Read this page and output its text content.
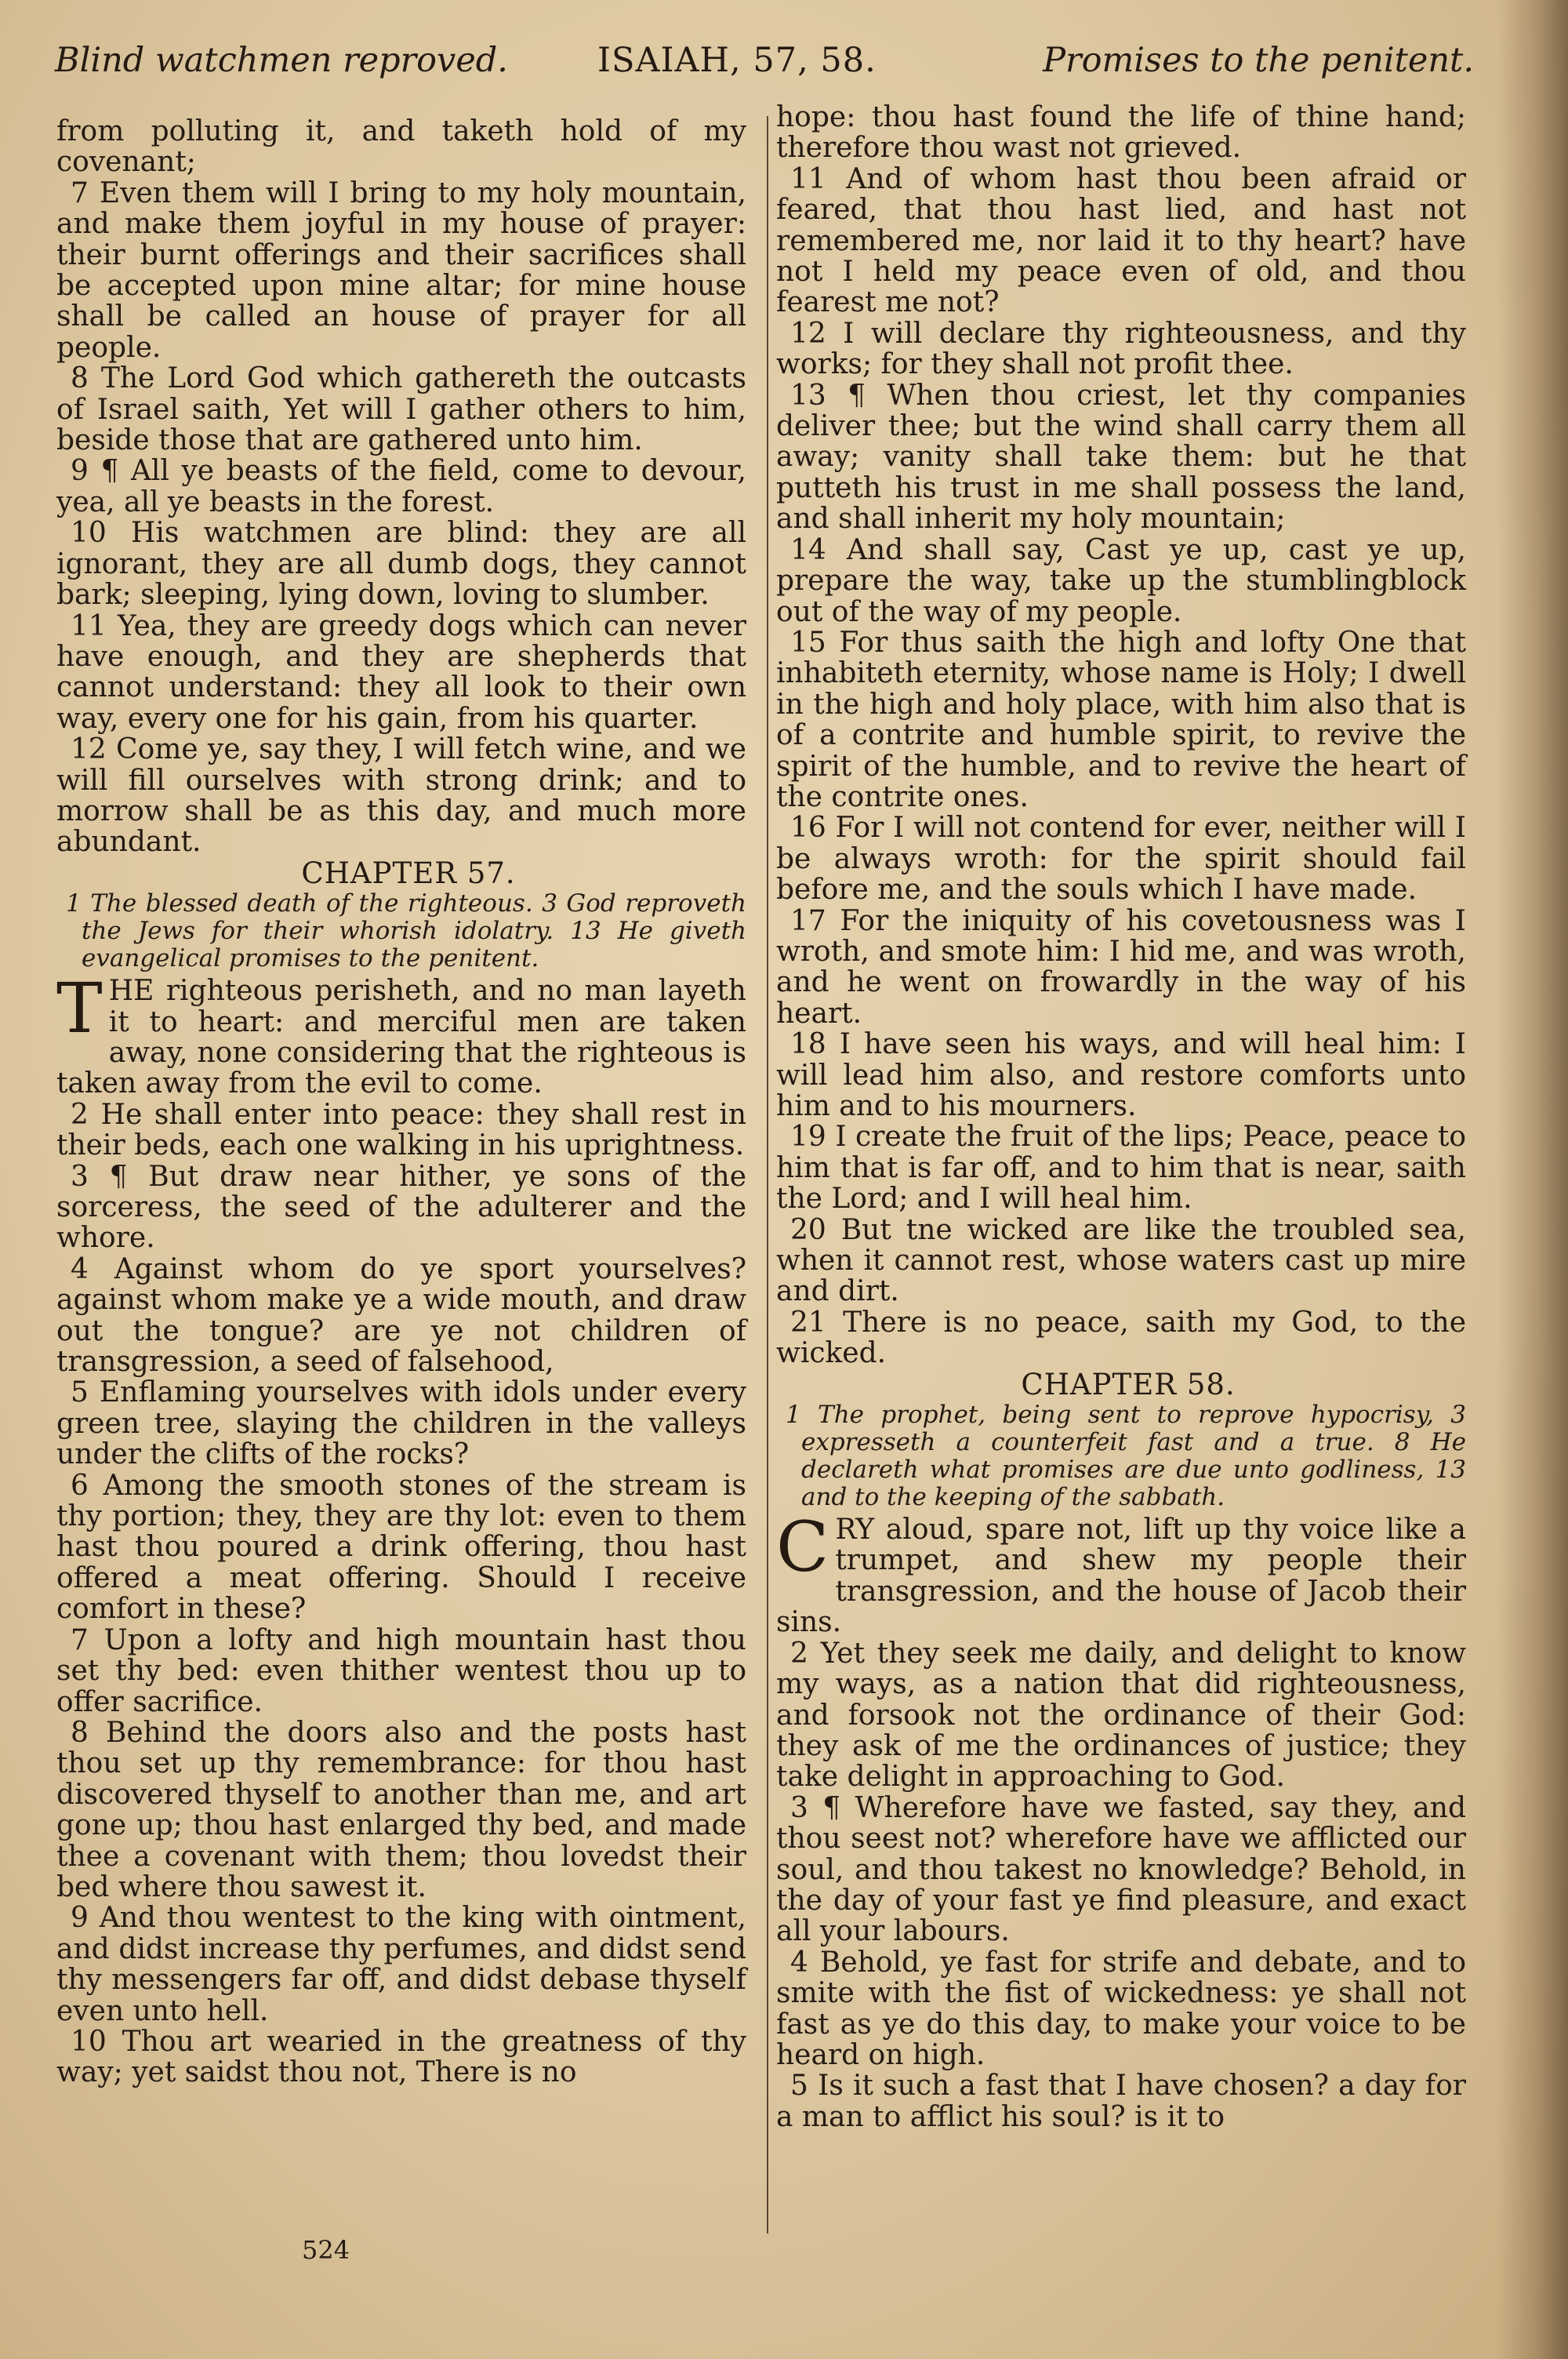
Blind watchmen reproved.	ISAIAH, 57, 58.	Promises to the penitent.

from polluting it, and taketh hold of my covenant;

7 Even them will I bring to my holy mountain, and make them joyful in my house of prayer: their burnt offerings and their sacrifices shall be accepted upon mine altar; for mine house shall be called an house of prayer for all people.

8 The Lord God which gathereth the outcasts of Israel saith, Yet will I gather others to him, beside those that are gathered unto him.

9 ¶ All ye beasts of the field, come to devour, yea, all ye beasts in the forest.

10 His watchmen are blind: they are all ignorant, they are all dumb dogs, they cannot bark; sleeping, lying down, loving to slumber.

11 Yea, they are greedy dogs which can never have enough, and they are shepherds that cannot understand: they all look to their own way, every one for his gain, from his quarter.

12 Come ye, say they, I will fetch wine, and we will fill ourselves with strong drink; and to morrow shall be as this day, and much more abundant.

CHAPTER 57.

1 The blessed death of the righteous. 3 God reproveth the Jews for their whorish idolatry. 13 He giveth evangelical promises to the penitent.

T HE righteous perisheth, and no man layeth it to heart: and merciful men are taken away, none considering that the righteous is taken away from the evil to come.

2 He shall enter into peace: they shall rest in their beds, each one walking in his uprightness.

3 ¶ But draw near hither, ye sons of the sorceress, the seed of the adulterer and the whore.

4 Against whom do ye sport yourselves? against whom make ye a wide mouth, and draw out the tongue? are ye not children of transgression, a seed of falsehood,

5 Enflaming yourselves with idols under every green tree, slaying the children in the valleys under the clifts of the rocks?

6 Among the smooth stones of the stream is thy portion; they, they are thy lot: even to them hast thou poured a drink offering, thou hast offered a meat offering. Should I receive comfort in these?

7 Upon a lofty and high mountain hast thou set thy bed: even thither wentest thou up to offer sacrifice.

8 Behind the doors also and the posts hast thou set up thy remembrance: for thou hast discovered thyself to another than me, and art gone up; thou hast enlarged thy bed, and made thee a covenant with them; thou lovedst their bed where thou sawest it.

9 And thou wentest to the king with ointment, and didst increase thy perfumes, and didst send thy messengers far off, and didst debase thyself even unto hell.

10 Thou art wearied in the greatness of thy way; yet saidst thou not, There is no

524

hope: thou hast found the life of thine hand; therefore thou wast not grieved.

11 And of whom hast thou been afraid or feared, that thou hast lied, and hast not remembered me, nor laid it to thy heart? have not I held my peace even of old, and thou fearest me not?

12 I will declare thy righteousness, and thy works; for they shall not profit thee.

13 ¶ When thou criest, let thy companies deliver thee; but the wind shall carry them all away; vanity shall take them: but he that putteth his trust in me shall possess the land, and shall inherit my holy mountain;

14 And shall say, Cast ye up, cast ye up, prepare the way, take up the stumblingblock out of the way of my people.

15 For thus saith the high and lofty One that inhabiteth eternity, whose name is Holy; I dwell in the high and holy place, with him also that is of a contrite and humble spirit, to revive the spirit of the humble, and to revive the heart of the contrite ones.

16 For I will not contend for ever, neither will I be always wroth: for the spirit should fail before me, and the souls which I have made.

17 For the iniquity of his covetousness was I wroth, and smote him: I hid me, and was wroth, and he went on frowardly in the way of his heart.

18 I have seen his ways, and will heal him: I will lead him also, and restore comforts unto him and to his mourners.

19 I create the fruit of the lips; Peace, peace to him that is far off, and to him that is near, saith the Lord; and I will heal him.

20 But tne wicked are like the troubled sea, when it cannot rest, whose waters cast up mire and dirt.

21 There is no peace, saith my God, to the wicked.

CHAPTER 58.

1 The prophet, being sent to reprove hypocrisy, 3 expresseth a counterfeit fast and a true. 8 He declareth what promises are due unto godliness, 13 and to the keeping of the sabbath.

C RY aloud, spare not, lift up thy voice like a trumpet, and shew my people their transgression, and the house of Jacob their sins.

2 Yet they seek me daily, and delight to know my ways, as a nation that did righteousness, and forsook not the ordinance of their God: they ask of me the ordinances of justice; they take delight in approaching to God.

3 ¶ Wherefore have we fasted, say they, and thou seest not? wherefore have we afflicted our soul, and thou takest no knowledge? Behold, in the day of your fast ye find pleasure, and exact all your labours.

4 Behold, ye fast for strife and debate, and to smite with the fist of wickedness: ye shall not fast as ye do this day, to make your voice to be heard on high.

5 Is it such a fast that I have chosen? a day for a man to afflict his soul? is it to
